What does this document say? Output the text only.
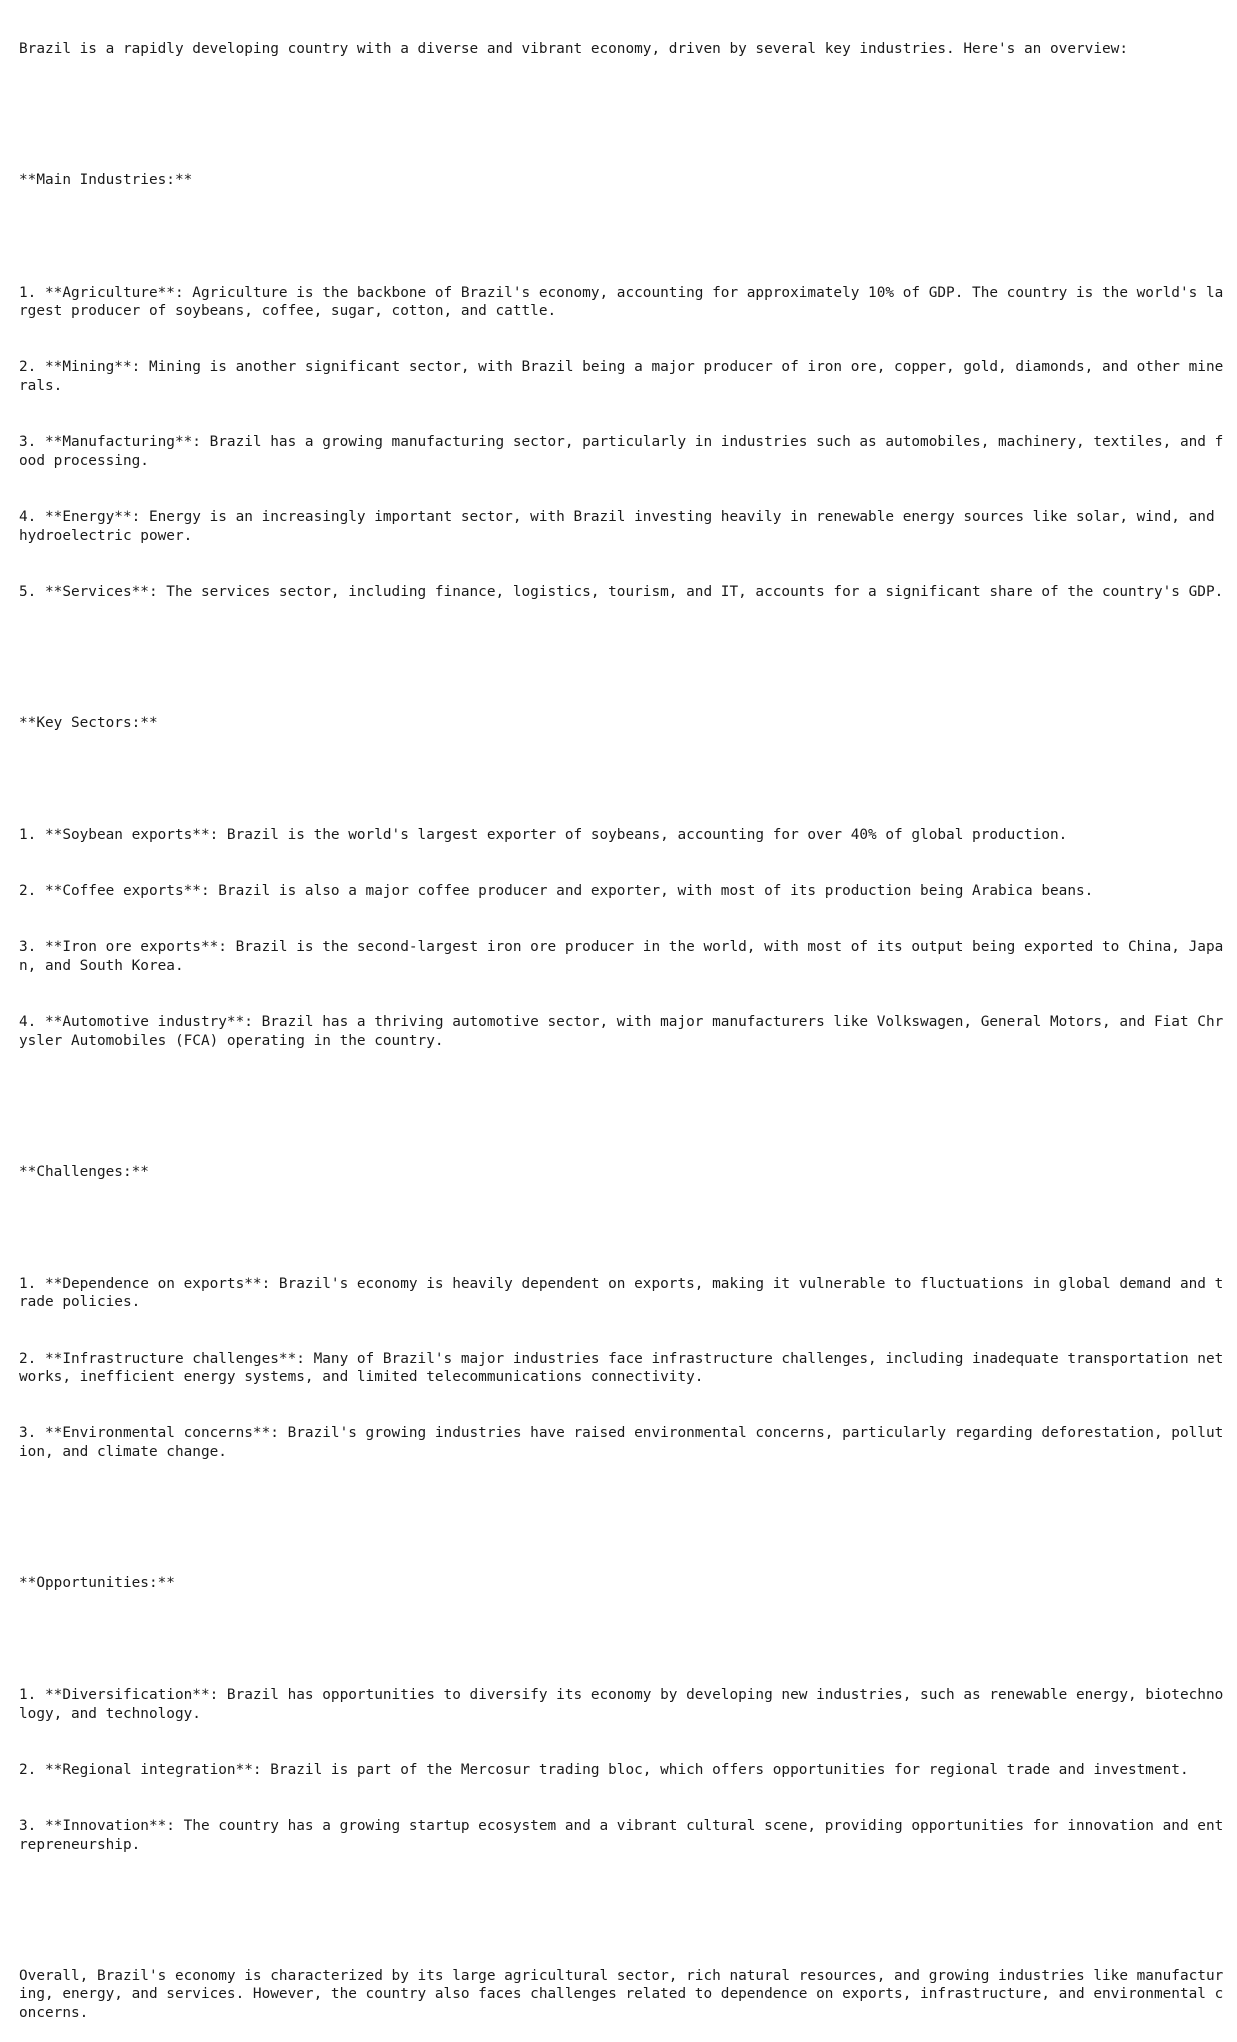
Brazil is a rapidly developing country with a diverse and vibrant economy, driven by several key industries. Here's an overview:

**Main Industries:**

1. **Agriculture**: Agriculture is the backbone of Brazil's economy, accounting for approximately 10% of GDP. The country is the world's largest producer of soybeans, coffee, sugar, cotton, and cattle.

2. **Mining**: Mining is another significant sector, with Brazil being a major producer of iron ore, copper, gold, diamonds, and other minerals.

3. **Manufacturing**: Brazil has a growing manufacturing sector, particularly in industries such as automobiles, machinery, textiles, and food processing.

4. **Energy**: Energy is an increasingly important sector, with Brazil investing heavily in renewable energy sources like solar, wind, and hydroelectric power.

5. **Services**: The services sector, including finance, logistics, tourism, and IT, accounts for a significant share of the country's GDP.

**Key Sectors:**

1. **Soybean exports**: Brazil is the world's largest exporter of soybeans, accounting for over 40% of global production.

2. **Coffee exports**: Brazil is also a major coffee producer and exporter, with most of its production being Arabica beans.

3. **Iron ore exports**: Brazil is the second-largest iron ore producer in the world, with most of its output being exported to China, Japan, and South Korea.

4. **Automotive industry**: Brazil has a thriving automotive sector, with major manufacturers like Volkswagen, General Motors, and Fiat Chrysler Automobiles (FCA) operating in the country.

**Challenges:**

1. **Dependence on exports**: Brazil's economy is heavily dependent on exports, making it vulnerable to fluctuations in global demand and trade policies.

2. **Infrastructure challenges**: Many of Brazil's major industries face infrastructure challenges, including inadequate transportation networks, inefficient energy systems, and limited telecommunications connectivity.

3. **Environmental concerns**: Brazil's growing industries have raised environmental concerns, particularly regarding deforestation, pollution, and climate change.

**Opportunities:**

1. **Diversification**: Brazil has opportunities to diversify its economy by developing new industries, such as renewable energy, biotechnology, and technology.

2. **Regional integration**: Brazil is part of the Mercosur trading bloc, which offers opportunities for regional trade and investment.

3. **Innovation**: The country has a growing startup ecosystem and a vibrant cultural scene, providing opportunities for innovation and entrepreneurship.

Overall, Brazil's economy is characterized by its large agricultural sector, rich natural resources, and growing industries like manufacturing, energy, and services. However, the country also faces challenges related to dependence on exports, infrastructure, and environmental concerns.
